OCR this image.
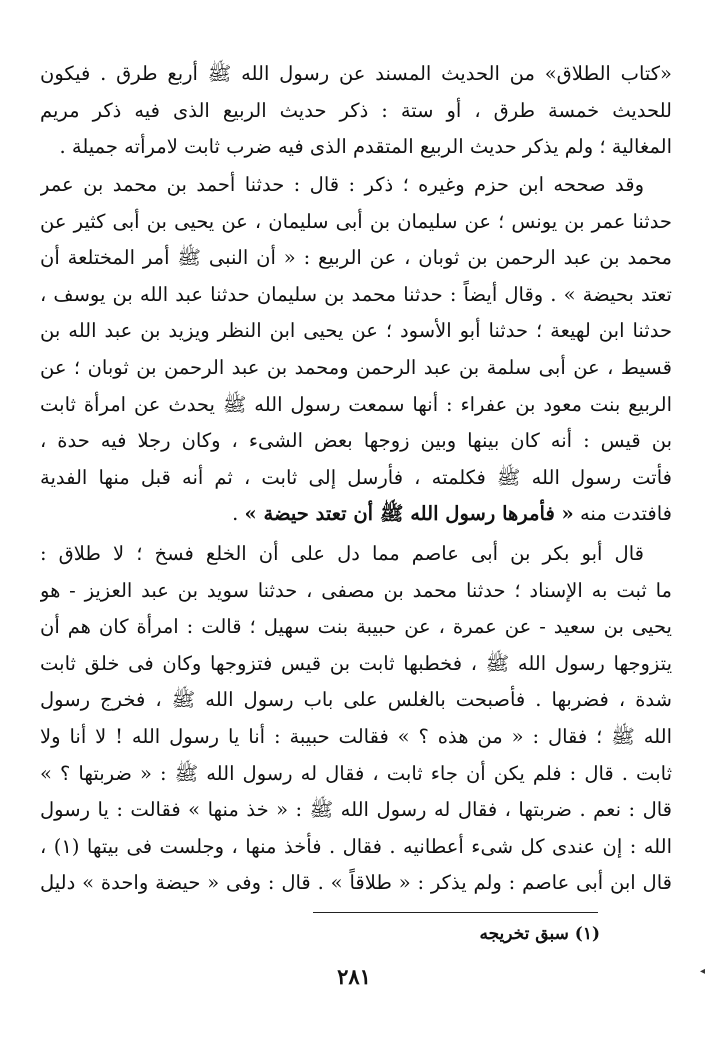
«كتاب الطلاق» من الحديث المسند عن رسول الله ﷺ أربع طرق . فيكون
للحديث خمسة طرق ، أو ستة : ذكر حديث الربيع الذى فيه ذكر مريم
المغالية ؛ ولم يذكر حديث الربيع المتقدم الذى فيه ضرب ثابت لامرأته جميلة .
وقد صححه ابن حزم وغيره ؛ ذكر : قال : حدثنا أحمد بن محمد بن عمر
حدثنا عمر بن يونس ؛ عن سليمان بن أبى سليمان ، عن يحيى بن أبى كثير عن
محمد بن عبد الرحمن بن ثوبان ، عن الربيع : « أن النبى ﷺ أمر المختلعة أن
تعتد بحيضة » . وقال أيضاً : حدثنا محمد بن سليمان حدثنا عبد الله بن يوسف ،
حدثنا ابن لهيعة ؛ حدثنا أبو الأسود ؛ عن يحيى ابن النظر ويزيد بن عبد الله بن
قسيط ، عن أبى سلمة بن عبد الرحمن ومحمد بن عبد الرحمن بن ثوبان ؛ عن
الربيع بنت معود بن عفراء : أنها سمعت رسول الله ﷺ يحدث عن امرأة ثابت
بن قيس : أنه كان بينها وبين زوجها بعض الشىء ، وكان رجلا فيه حدة ،
فأتت رسول الله ﷺ فكلمته ، فأرسل إلى ثابت ، ثم أنه قبل منها الفدية
فافتدت منه « فأمرها رسول الله ﷺ أن تعتد حيضة » .
قال أبو بكر بن أبى عاصم مما دل على أن الخلع فسخ ؛ لا طلاق :
ما ثبت به الإسناد ؛ حدثنا محمد بن مصفى ، حدثنا سويد بن عبد العزيز - هو
يحيى بن سعيد - عن عمرة ، عن حبيبة بنت سهيل ؛ قالت : امرأة كان هم أن
يتزوجها رسول الله ﷺ ، فخطبها ثابت بن قيس فتزوجها وكان فى خلق ثابت
شدة ، فضربها . فأصبحت بالغلس على باب رسول الله ﷺ ، فخرج رسول
الله ﷺ ؛ فقال : « من هذه ؟ » فقالت حبيبة : أنا يا رسول الله ! لا أنا ولا
ثابت . قال : فلم يكن أن جاء ثابت ، فقال له رسول الله ﷺ : « ضربتها ؟ »
قال : نعم . ضربتها ، فقال له رسول الله ﷺ : « خذ منها » فقالت : يا رسول
الله : إن عندى كل شىء أعطانيه . فقال . فأخذ منها ، وجلست فى بيتها (١) ،
قال ابن أبى عاصم : ولم يذكر : « طلاقاً » . قال : وفى « حيضة واحدة » دليل
(١) سبق تخريجه
٢٨١	◂
